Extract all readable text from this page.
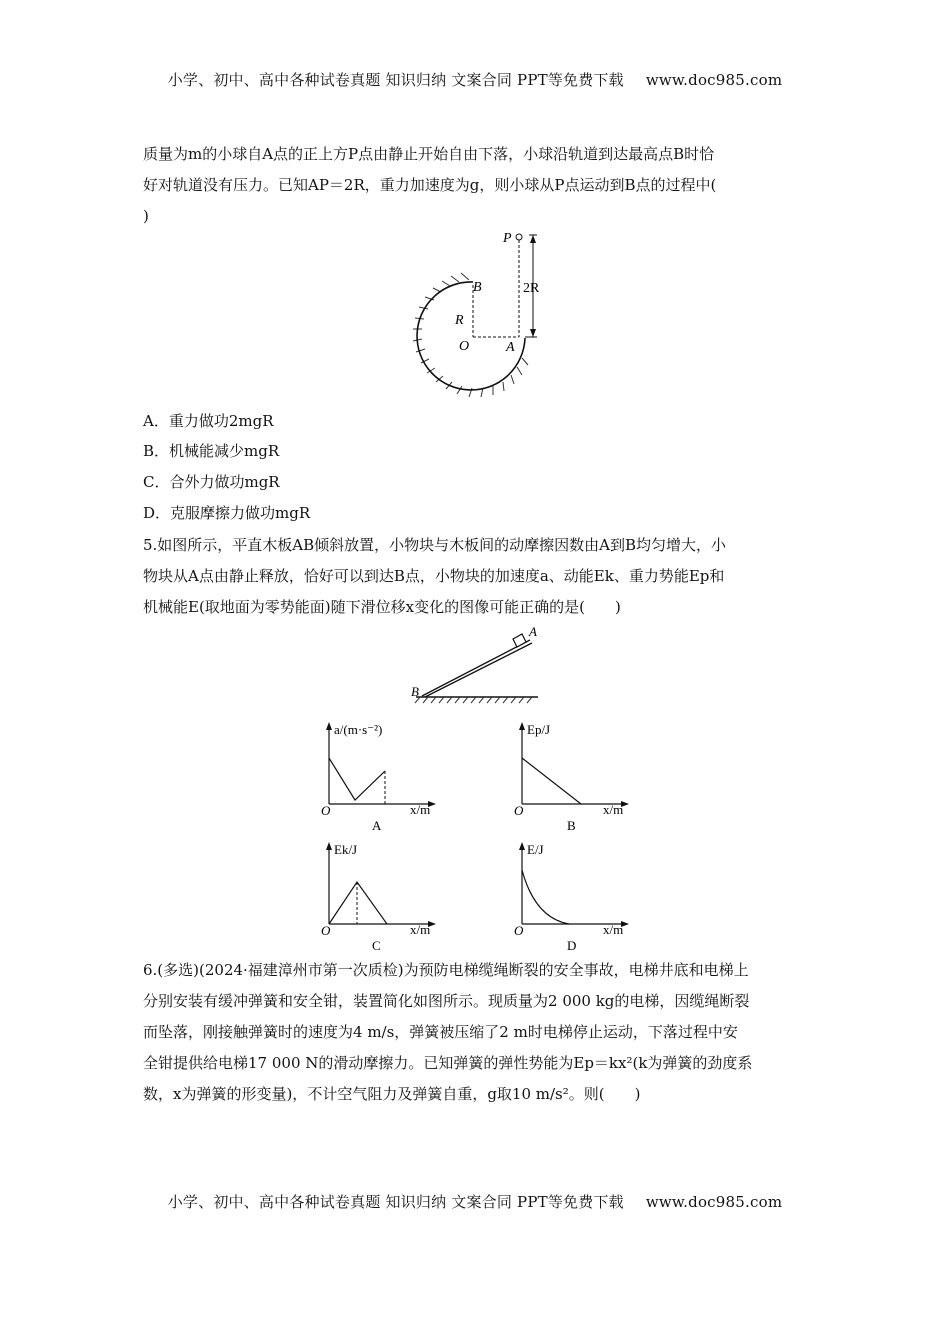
小学、初中、高中各种试卷真题 知识归纳 文案合同 PPT等免费下载 www.doc985.com
质量为m的小球自A点的正上方P点由静止开始自由下落，小球沿轨道到达最高点B时恰
好对轨道没有压力。已知AP＝2R，重力加速度为g，则小球从P点运动到B点的过程中(
)
P
B
R
O	A
2R
A．重力做功2mgR
B．机械能减少mgR
C．合外力做功mgR
D．克服摩擦力做功mgR
5.如图所示，平直木板AB倾斜放置，小物块与木板间的动摩擦因数由A到B均匀增大，小
物块从A点由静止释放，恰好可以到达B点，小物块的加速度a、动能Ek、重力势能Ep和
机械能E(取地面为零势能面)随下滑位移x变化的图像可能正确的是(　　)
A
B
a/(m·s⁻²)
O	x/m
A
Ep/J
O	x/m
B
Ek/J
O	x/m
C
E/J
O	x/m
D
6.(多选)(2024·福建漳州市第一次质检)为预防电梯缆绳断裂的安全事故，电梯井底和电梯上
分别安装有缓冲弹簧和安全钳，装置简化如图所示。现质量为2 000 kg的电梯，因缆绳断裂
而坠落，刚接触弹簧时的速度为4 m/s，弹簧被压缩了2 m时电梯停止运动，下落过程中安
全钳提供给电梯17 000 N的滑动摩擦力。已知弹簧的弹性势能为Ep＝kx²(k为弹簧的劲度系
数，x为弹簧的形变量)，不计空气阻力及弹簧自重，g取10 m/s²。则(　　)
小学、初中、高中各种试卷真题 知识归纳 文案合同 PPT等免费下载 www.doc985.com
